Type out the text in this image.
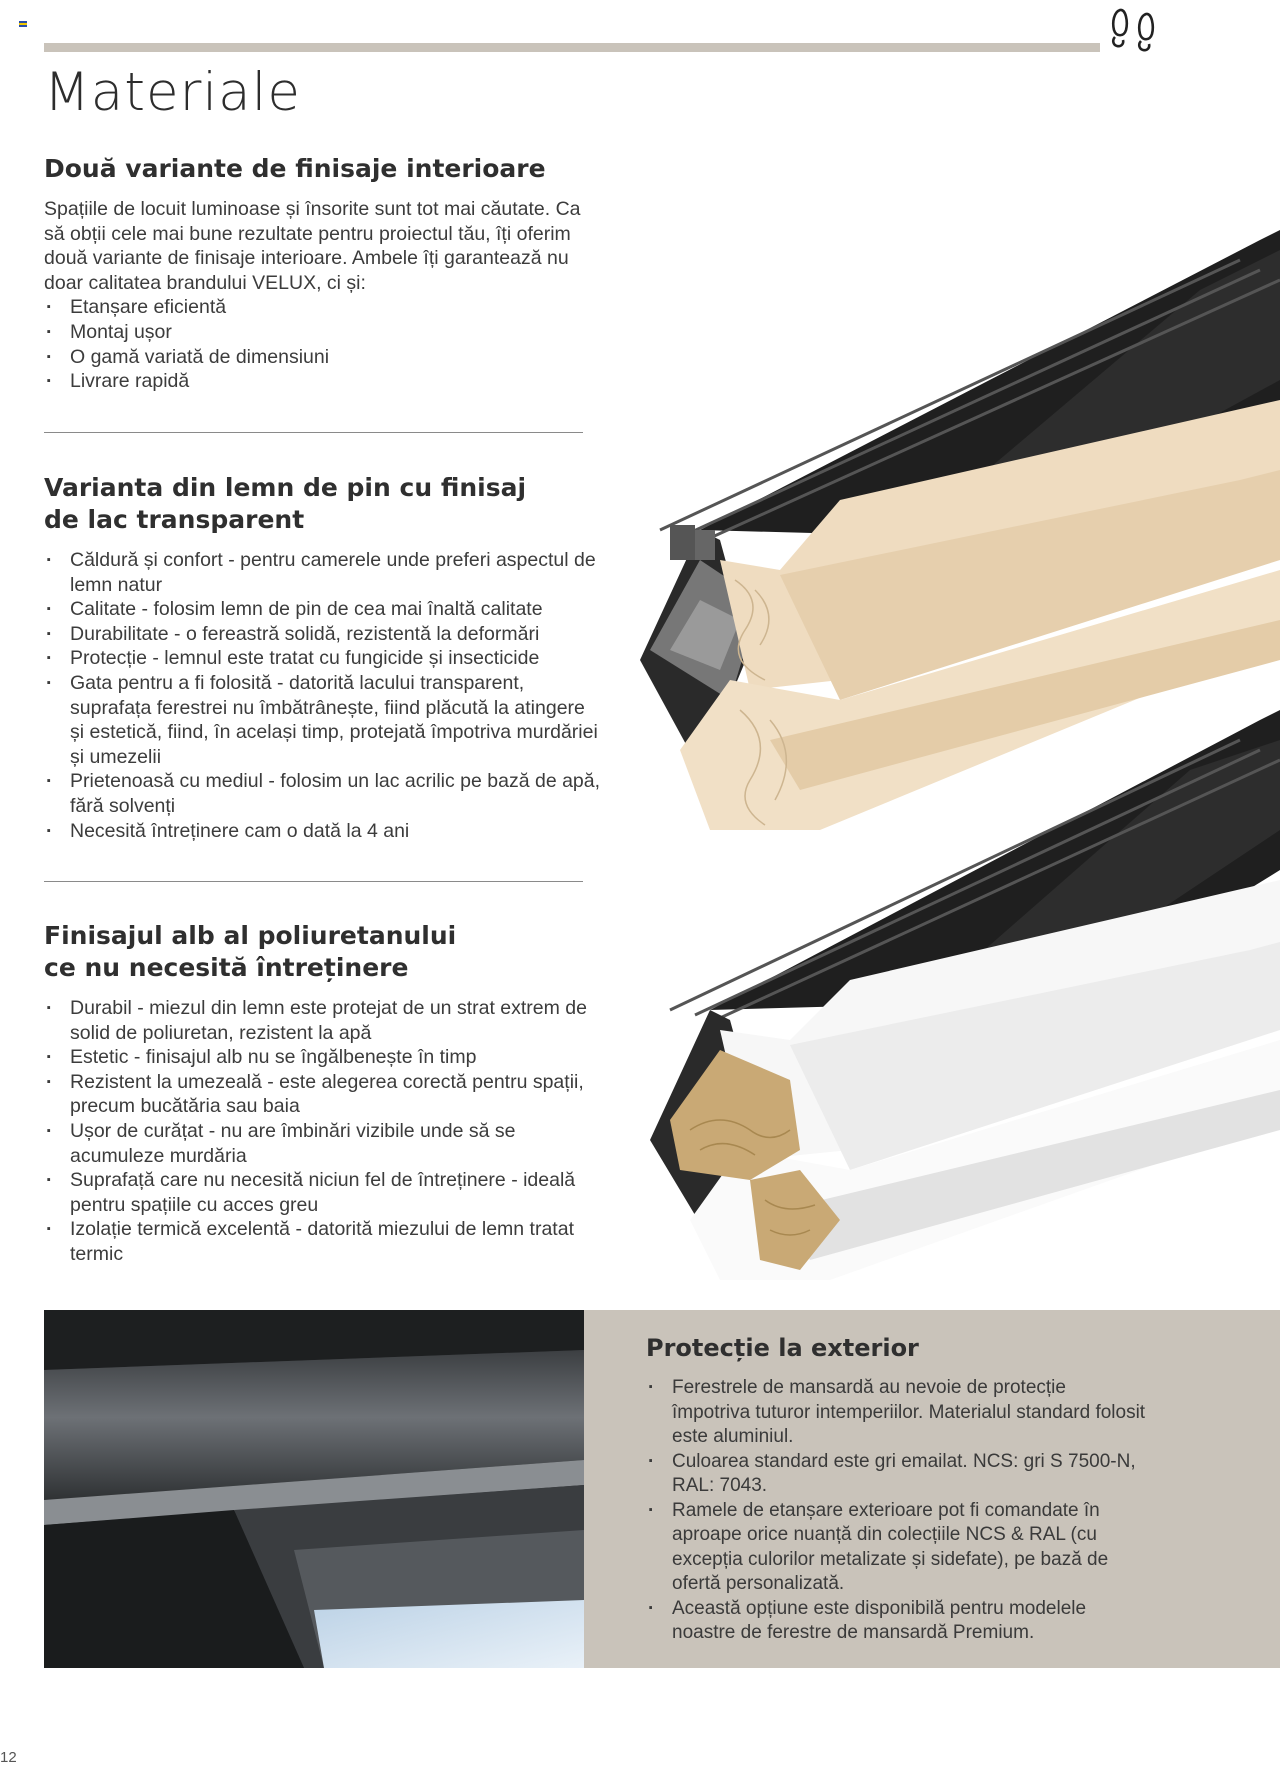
Materiale
Două variante de finisaje interioare

Spațiile de locuit luminoase și însorite sunt tot mai căutate. Ca să obții cele mai bune rezultate pentru proiectul tău, îți oferim două variante de finisaje interioare. Ambele îți garantează nu doar calitatea brandului VELUX, ci și:

· Etanșare eficientă
· Montaj ușor
· O gamă variată de dimensiuni
· Livrare rapidă
Varianta din lemn de pin cu finisaj
de lac transparent
· Căldură și confort - pentru camerele unde preferi aspectul de lemn natur
· Calitate - folosim lemn de pin de cea mai înaltă calitate
· Durabilitate - o fereastră solidă, rezistentă la deformări
· Protecție - lemnul este tratat cu fungicide și insecticide
· Gata pentru a fi folosită - datorită lacului transparent, suprafața ferestrei nu îmbătrânește, fiind plăcută la atingere și estetică, fiind, în același timp, protejată împotriva murdăriei și umezelii
· Prietenoasă cu mediul - folosim un lac acrilic pe bază de apă, fără solvenți
· Necesită întreținere cam o dată la 4 ani
Finisajul alb al poliuretanului
ce nu necesită întreținere
· Durabil - miezul din lemn este protejat de un strat extrem de solid de poliuretan, rezistent la apă
· Estetic - finisajul alb nu se îngălbenește în timp
· Rezistent la umezeală - este alegerea corectă pentru spații, precum bucătăria sau baia
· Ușor de curățat - nu are îmbinări vizibile unde să se acumuleze murdăria
· Suprafață care nu necesită niciun fel de întreținere - ideală pentru spațiile cu acces greu
· Izolație termică excelentă - datorită miezului de lemn tratat termic
Protecție la exterior
· Ferestrele de mansardă au nevoie de protecție împotriva tuturor intemperiilor. Materialul standard folosit este aluminiul.
· Culoarea standard este gri emailat. NCS: gri S 7500-N, RAL: 7043.
· Ramele de etanșare exterioare pot fi comandate în aproape orice nuanță din colecțiile NCS & RAL (cu excepția culorilor metalizate și sidefate), pe bază de ofertă personalizată.
· Această opțiune este disponibilă pentru modelele noastre de ferestre de mansardă Premium.
12
